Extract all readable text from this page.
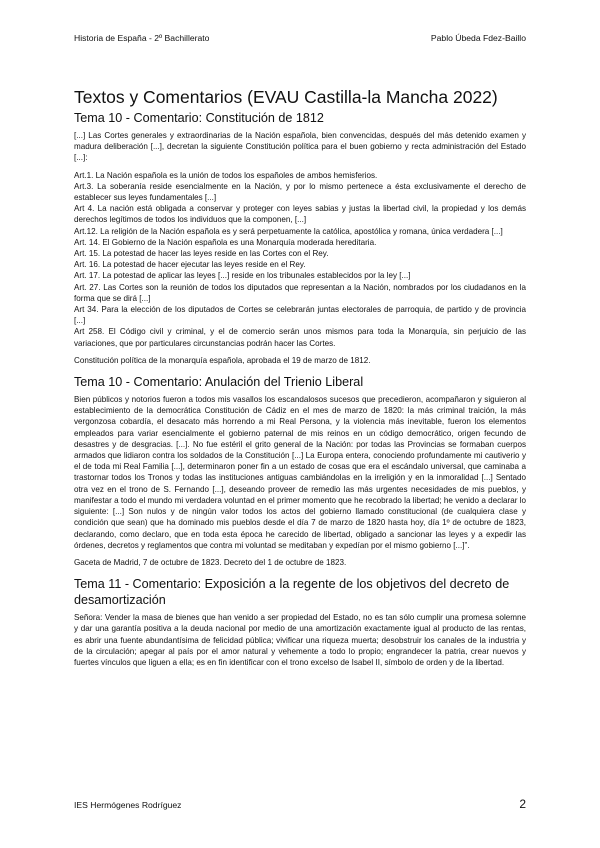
Historia de España - 2º Bachillerato	Pablo Úbeda Fdez-Baillo
Textos y Comentarios (EVAU Castilla-la Mancha 2022)
Tema 10 - Comentario: Constitución de 1812

[...] Las Cortes generales y extraordinarias de la Nación española, bien convencidas, después del más detenido examen y madura deliberación [...], decretan la siguiente Constitución política para el buen gobierno y recta administración del Estado [...]:

Art.1. La Nación española es la unión de todos los españoles de ambos hemisferios.

Art.3. La soberanía reside esencialmente en la Nación, y por lo mismo pertenece a ésta exclusivamente el derecho de establecer sus leyes fundamentales [...]

Art 4. La nación está obligada a conservar y proteger con leyes sabias y justas la libertad civil, la propiedad y los demás derechos legítimos de todos los individuos que la componen, [...]

Art.12. La religión de la Nación española es y será perpetuamente la católica, apostólica y romana, única verdadera [...]

Art. 14. El Gobierno de la Nación española es una Monarquía moderada hereditaria.

Art. 15. La potestad de hacer las leyes reside en las Cortes con el Rey.

Art. 16. La potestad de hacer ejecutar las leyes reside en el Rey.

Art. 17. La potestad de aplicar las leyes [...] reside en los tribunales establecidos por la ley [...]

Art. 27. Las Cortes son la reunión de todos los diputados que representan a la Nación, nombrados por los ciudadanos en la forma que se dirá [...]

Art 34. Para la elección de los diputados de Cortes se celebrarán juntas electorales de parroquia, de partido y de provincia [...]

Art 258. El Código civil y criminal, y el de comercio serán unos mismos para toda la Monarquía, sin perjuicio de las variaciones, que por particulares circunstancias podrán hacer las Cortes.

Constitución política de la monarquía española, aprobada el 19 de marzo de 1812.

Tema 10 - Comentario: Anulación del Trienio Liberal

Bien públicos y notorios fueron a todos mis vasallos los escandalosos sucesos que precedieron, acompañaron y siguieron al establecimiento de la democrática Constitución de Cádiz en el mes de marzo de 1820: la más criminal traición, la más vergonzosa cobardía, el desacato más horrendo a mi Real Persona, y la violencia más inevitable, fueron los elementos empleados para variar esencialmente el gobierno paternal de mis reinos en un código democrático, origen fecundo de desastres y de desgracias. [...]. No fue estéril el grito general de la Nación: por todas las Provincias se formaban cuerpos armados que lidiaron contra los soldados de la Constitución [...] La Europa entera, conociendo profundamente mi cautiverio y el de toda mi Real Familia [...], determinaron poner fin a un estado de cosas que era el escándalo universal, que caminaba a trastornar todos los Tronos y todas las instituciones antiguas cambiándolas en la irreligión y en la inmoralidad [...] Sentado otra vez en el trono de S. Fernando [...], deseando proveer de remedio las más urgentes necesidades de mis pueblos, y manifestar a todo el mundo mi verdadera voluntad en el primer momento que he recobrado la libertad; he venido a declarar lo siguiente: [...] Son nulos y de ningún valor todos los actos del gobierno llamado constitucional (de cualquiera clase y condición que sean) que ha dominado mis pueblos desde el día 7 de marzo de 1820 hasta hoy, día 1º de octubre de 1823, declarando, como declaro, que en toda esta época he carecido de libertad, obligado a sancionar las leyes y a expedir las órdenes, decretos y reglamentos que contra mi voluntad se meditaban y expedían por el mismo gobierno [...]”.

Gaceta de Madrid, 7 de octubre de 1823. Decreto del 1 de octubre de 1823.

Tema 11 - Comentario: Exposición a la regente de los objetivos del decreto de desamortización

Señora: Vender la masa de bienes que han venido a ser propiedad del Estado, no es tan sólo cumplir una promesa solemne y dar una garantía positiva a la deuda nacional por medio de una amortización exactamente igual al producto de las rentas, es abrir una fuente abundantísima de felicidad pública; vivificar una riqueza muerta; desobstruir los canales de la industria y de la circulación; apegar al país por el amor natural y vehemente a todo lo propio; engrandecer la patria, crear nuevos y fuertes vínculos que liguen a ella; es en fin identificar con el trono excelso de Isabel II, símbolo de orden y de la libertad.

IES Hermógenes Rodríguez	2
